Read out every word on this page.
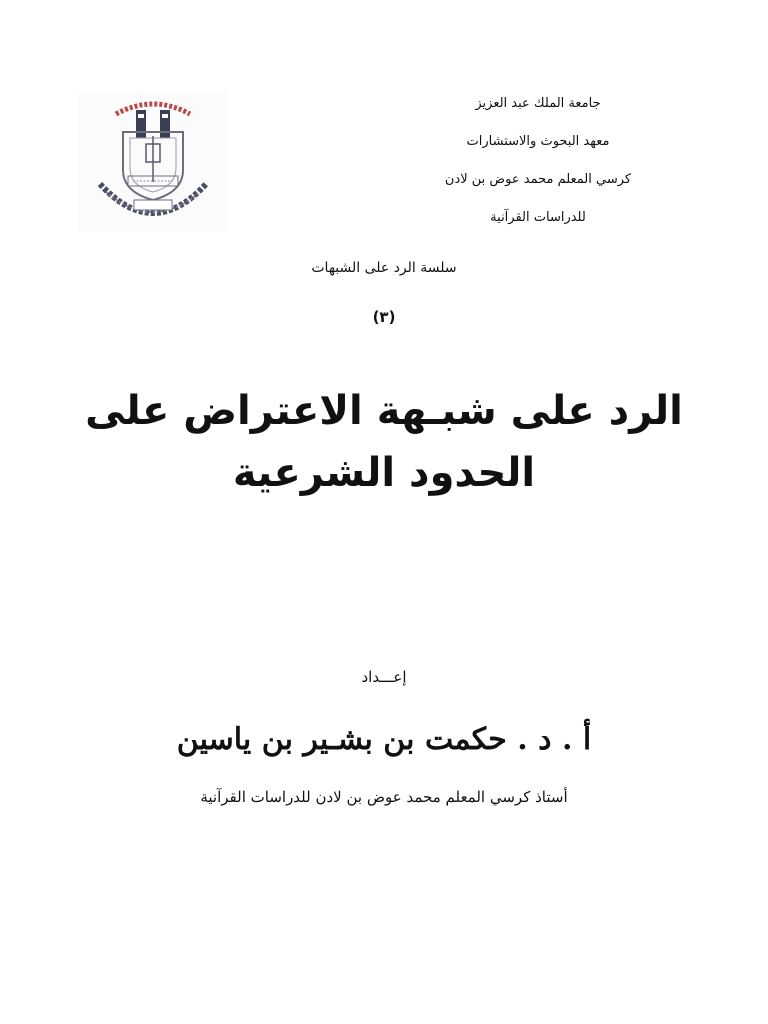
جامعة الملك عبد العزيز
معهد البحوث والاستشارات
كرسي المعلم محمد عوض بن لادن
للدراسات القرآنية
سلسة الرد على الشبهات
(٣)
الرد على شبـهة الاعتراض على
الحدود الشرعية
إعـــداد
أ . د . حكمت بن بشـير بن ياسين
أستاذ كرسي المعلم محمد عوض بن لادن للدراسات القرآنية
